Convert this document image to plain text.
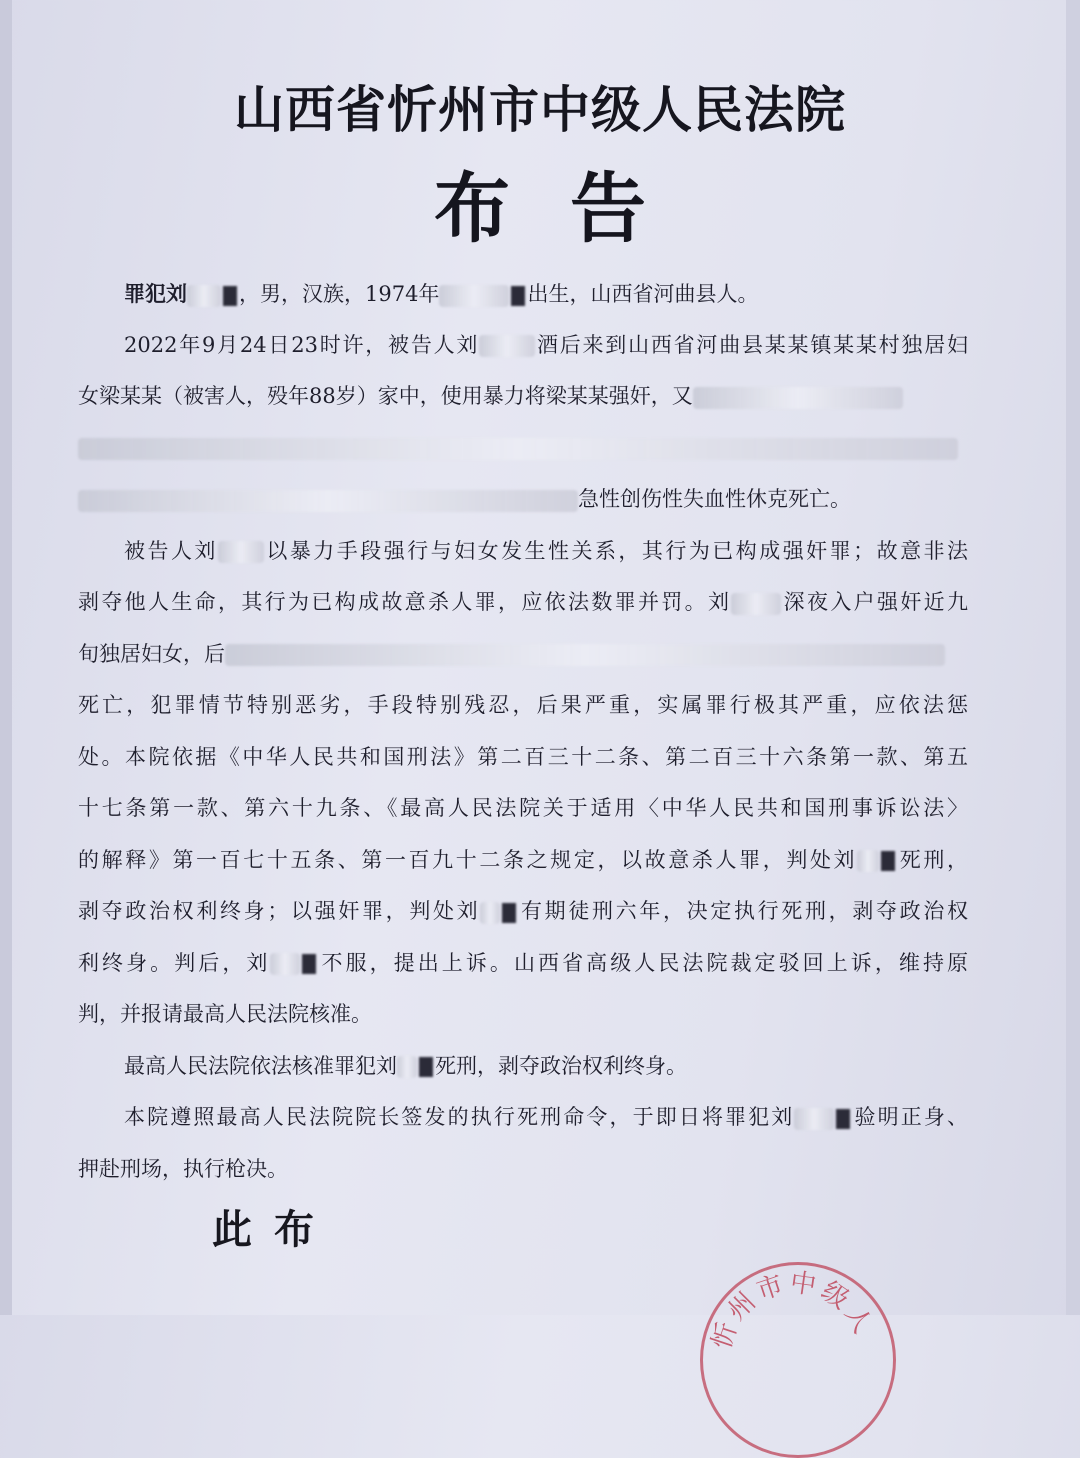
山西省忻州市中级人民法院
布告
罪犯刘 ，男，汉族，1974年	出生，山西省河曲县人。
2022年9月24日23时许，被告人刘	酒后来到山西省河曲县某某镇某某村独居妇
女梁某某（被害人，殁年88岁）家中，使用暴力将梁某某强奸，又
急性创伤性失血性休克死亡。
被告人刘 以暴力手段强行与妇女发生性关系，其行为已构成强奸罪；故意非法
剥夺他人生命，其行为已构成故意杀人罪，应依法数罪并罚。刘 深夜入户强奸近九
旬独居妇女，后
死亡，犯罪情节特别恶劣，手段特别残忍，后果严重，实属罪行极其严重，应依法惩
处。本院依据《中华人民共和国刑法》第二百三十二条、第二百三十六条第一款、第五
十七条第一款、第六十九条、《最高人民法院关于适用〈中华人民共和国刑事诉讼法〉
的解释》第一百七十五条、第一百九十二条之规定，以故意杀人罪，判处刘 死刑，
剥夺政治权利终身；以强奸罪，判处刘 有期徒刑六年，决定执行死刑，剥夺政治权
利终身。判后，刘 不服，提出上诉。山西省高级人民法院裁定驳回上诉，维持原
判，并报请最高人民法院核准。
最高人民法院依法核准罪犯刘 死刑，剥夺政治权利终身。
本院遵照最高人民法院院长签发的执行死刑命令，于即日将罪犯刘	验明正身、
押赴刑场，执行枪决。
此布
忻州市中级人
